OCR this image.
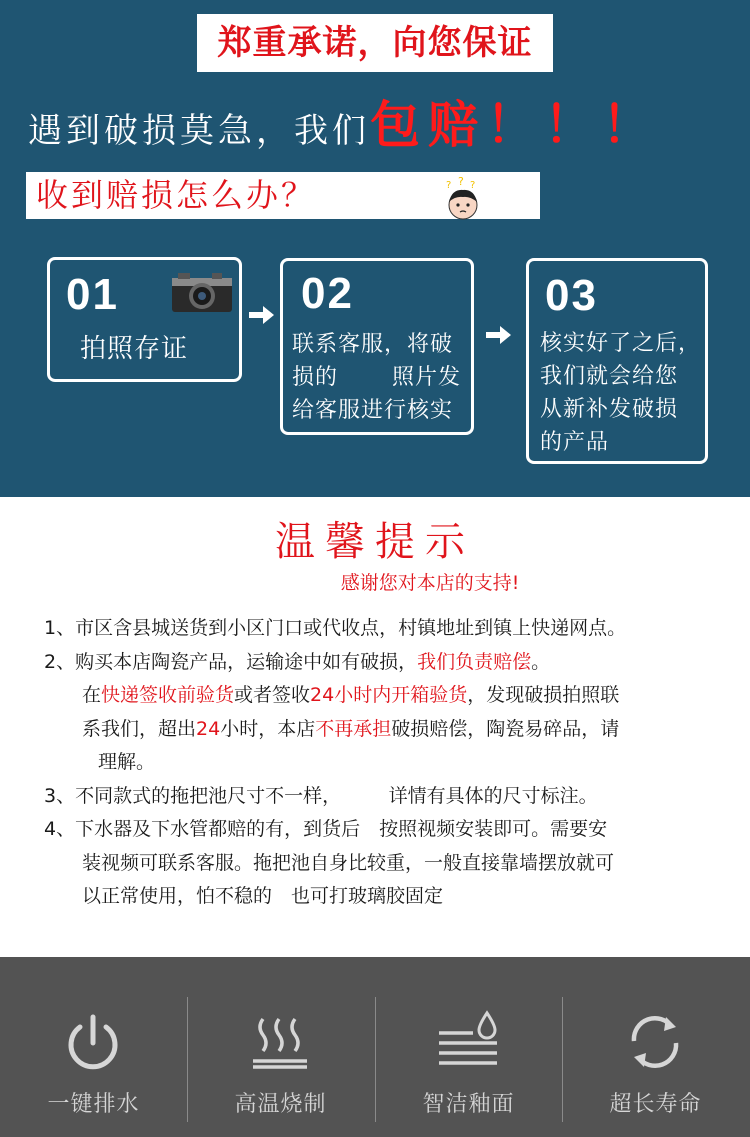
郑重承诺，向您保证
遇到破损莫急，我们包赔！！！
收到赔损怎么办？	? ? ?
01
拍照存证
02
联系客服，将破
损的　　 照片发
给客服进行核实
03
核实好了之后，
我们就会给您
从新补发破损
的产品
温馨提示
感谢您对本店的支持!
1、市区含县城送货到小区门口或代收点，村镇地址到镇上快递网点。
2、购买本店陶瓷产品，运输途中如有破损，我们负责赔偿。
在快递签收前验货或者签收24小时内开箱验货，发现破损拍照联
系我们，超出24小时，本店不再承担破损赔偿，陶瓷易碎品，请
理解。
3、不同款式的拖把池尺寸不一样，　　　详情有具体的尺寸标注。
4、下水器及下水管都赔的有，到货后　按照视频安装即可。需要安
装视频可联系客服。拖把池自身比较重，一般直接靠墙摆放就可
以正常使用，怕不稳的　也可打玻璃胶固定
一键排水	高温烧制	智洁釉面	超长寿命
